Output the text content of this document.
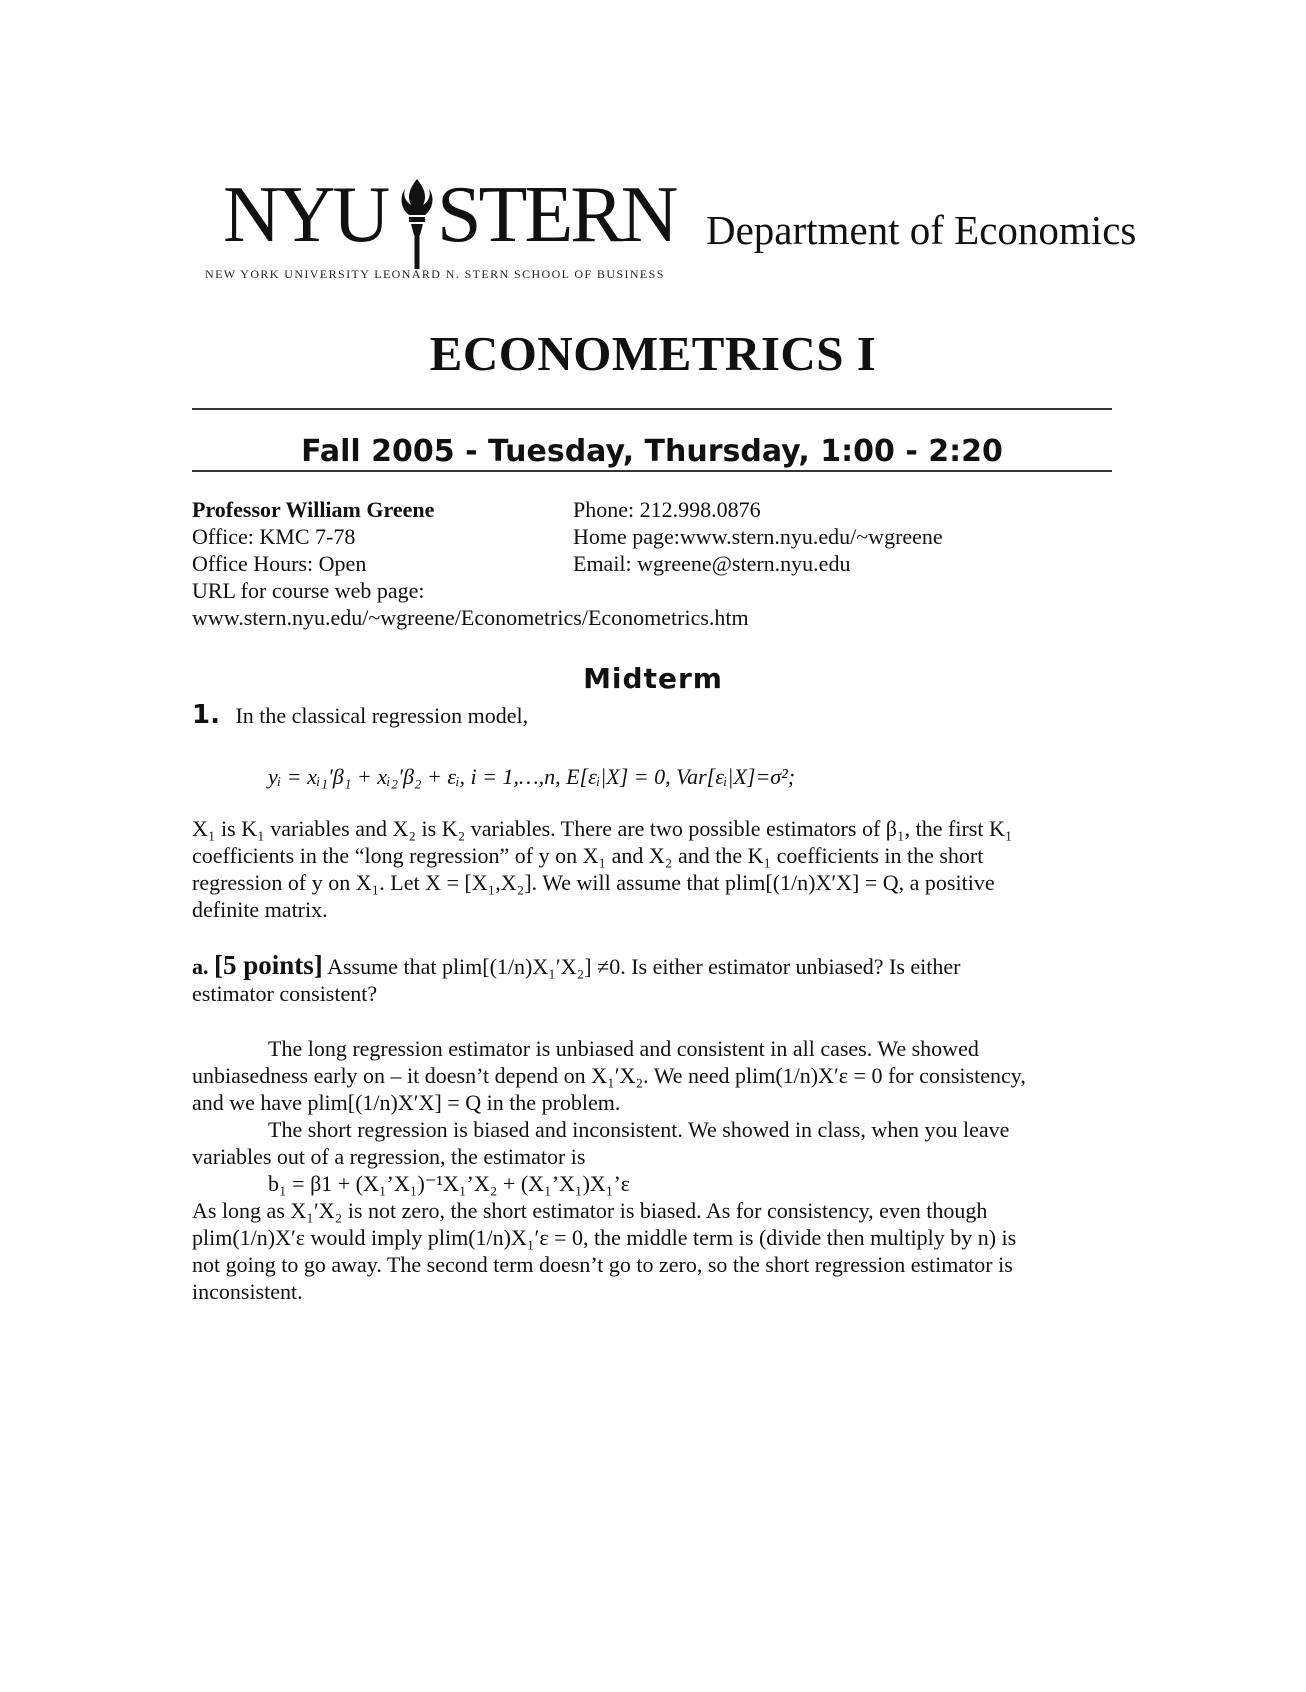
NYU STERN
NEW YORK UNIVERSITY LEONARD N. STERN SCHOOL OF BUSINESS
Department of Economics
ECONOMETRICS I
Fall 2005 - Tuesday, Thursday, 1:00 - 2:20
Professor William Greene
Office: KMC 7-78
Office Hours: Open
URL for course web page:
www.stern.nyu.edu/~wgreene/Econometrics/Econometrics.htm
Phone: 212.998.0876
Home page:www.stern.nyu.edu/~wgreene
Email: wgreene@stern.nyu.edu
Midterm
1. In the classical regression model,
yᵢ = xᵢ₁′β₁ + xᵢ₂′β₂ + εᵢ, i = 1,…,n, E[εᵢ|X] = 0, Var[εᵢ|X]=σ²;
X₁ is K₁ variables and X₂ is K₂ variables. There are two possible estimators of β₁, the first K₁
coefficients in the “long regression” of y on X₁ and X₂ and the K₁ coefficients in the short
regression of y on X₁. Let X = [X₁,X₂]. We will assume that plim[(1/n)X′X] = Q, a positive
definite matrix.
a. [5 points] Assume that plim[(1/n)X₁′X₂] ≠0. Is either estimator unbiased? Is either
estimator consistent?
The long regression estimator is unbiased and consistent in all cases. We showed
unbiasedness early on – it doesn’t depend on X₁′X₂. We need plim(1/n)X′ε = 0 for consistency,
and we have plim[(1/n)X′X] = Q in the problem.
The short regression is biased and inconsistent. We showed in class, when you leave
variables out of a regression, the estimator is
b₁ = β1 + (X₁’X₁)⁻¹X₁’X₂ + (X₁’X₁)X₁’ε
As long as X₁′X₂ is not zero, the short estimator is biased. As for consistency, even though
plim(1/n)X′ε would imply plim(1/n)X₁′ε = 0, the middle term is (divide then multiply by n) is
not going to go away. The second term doesn’t go to zero, so the short regression estimator is
inconsistent.
